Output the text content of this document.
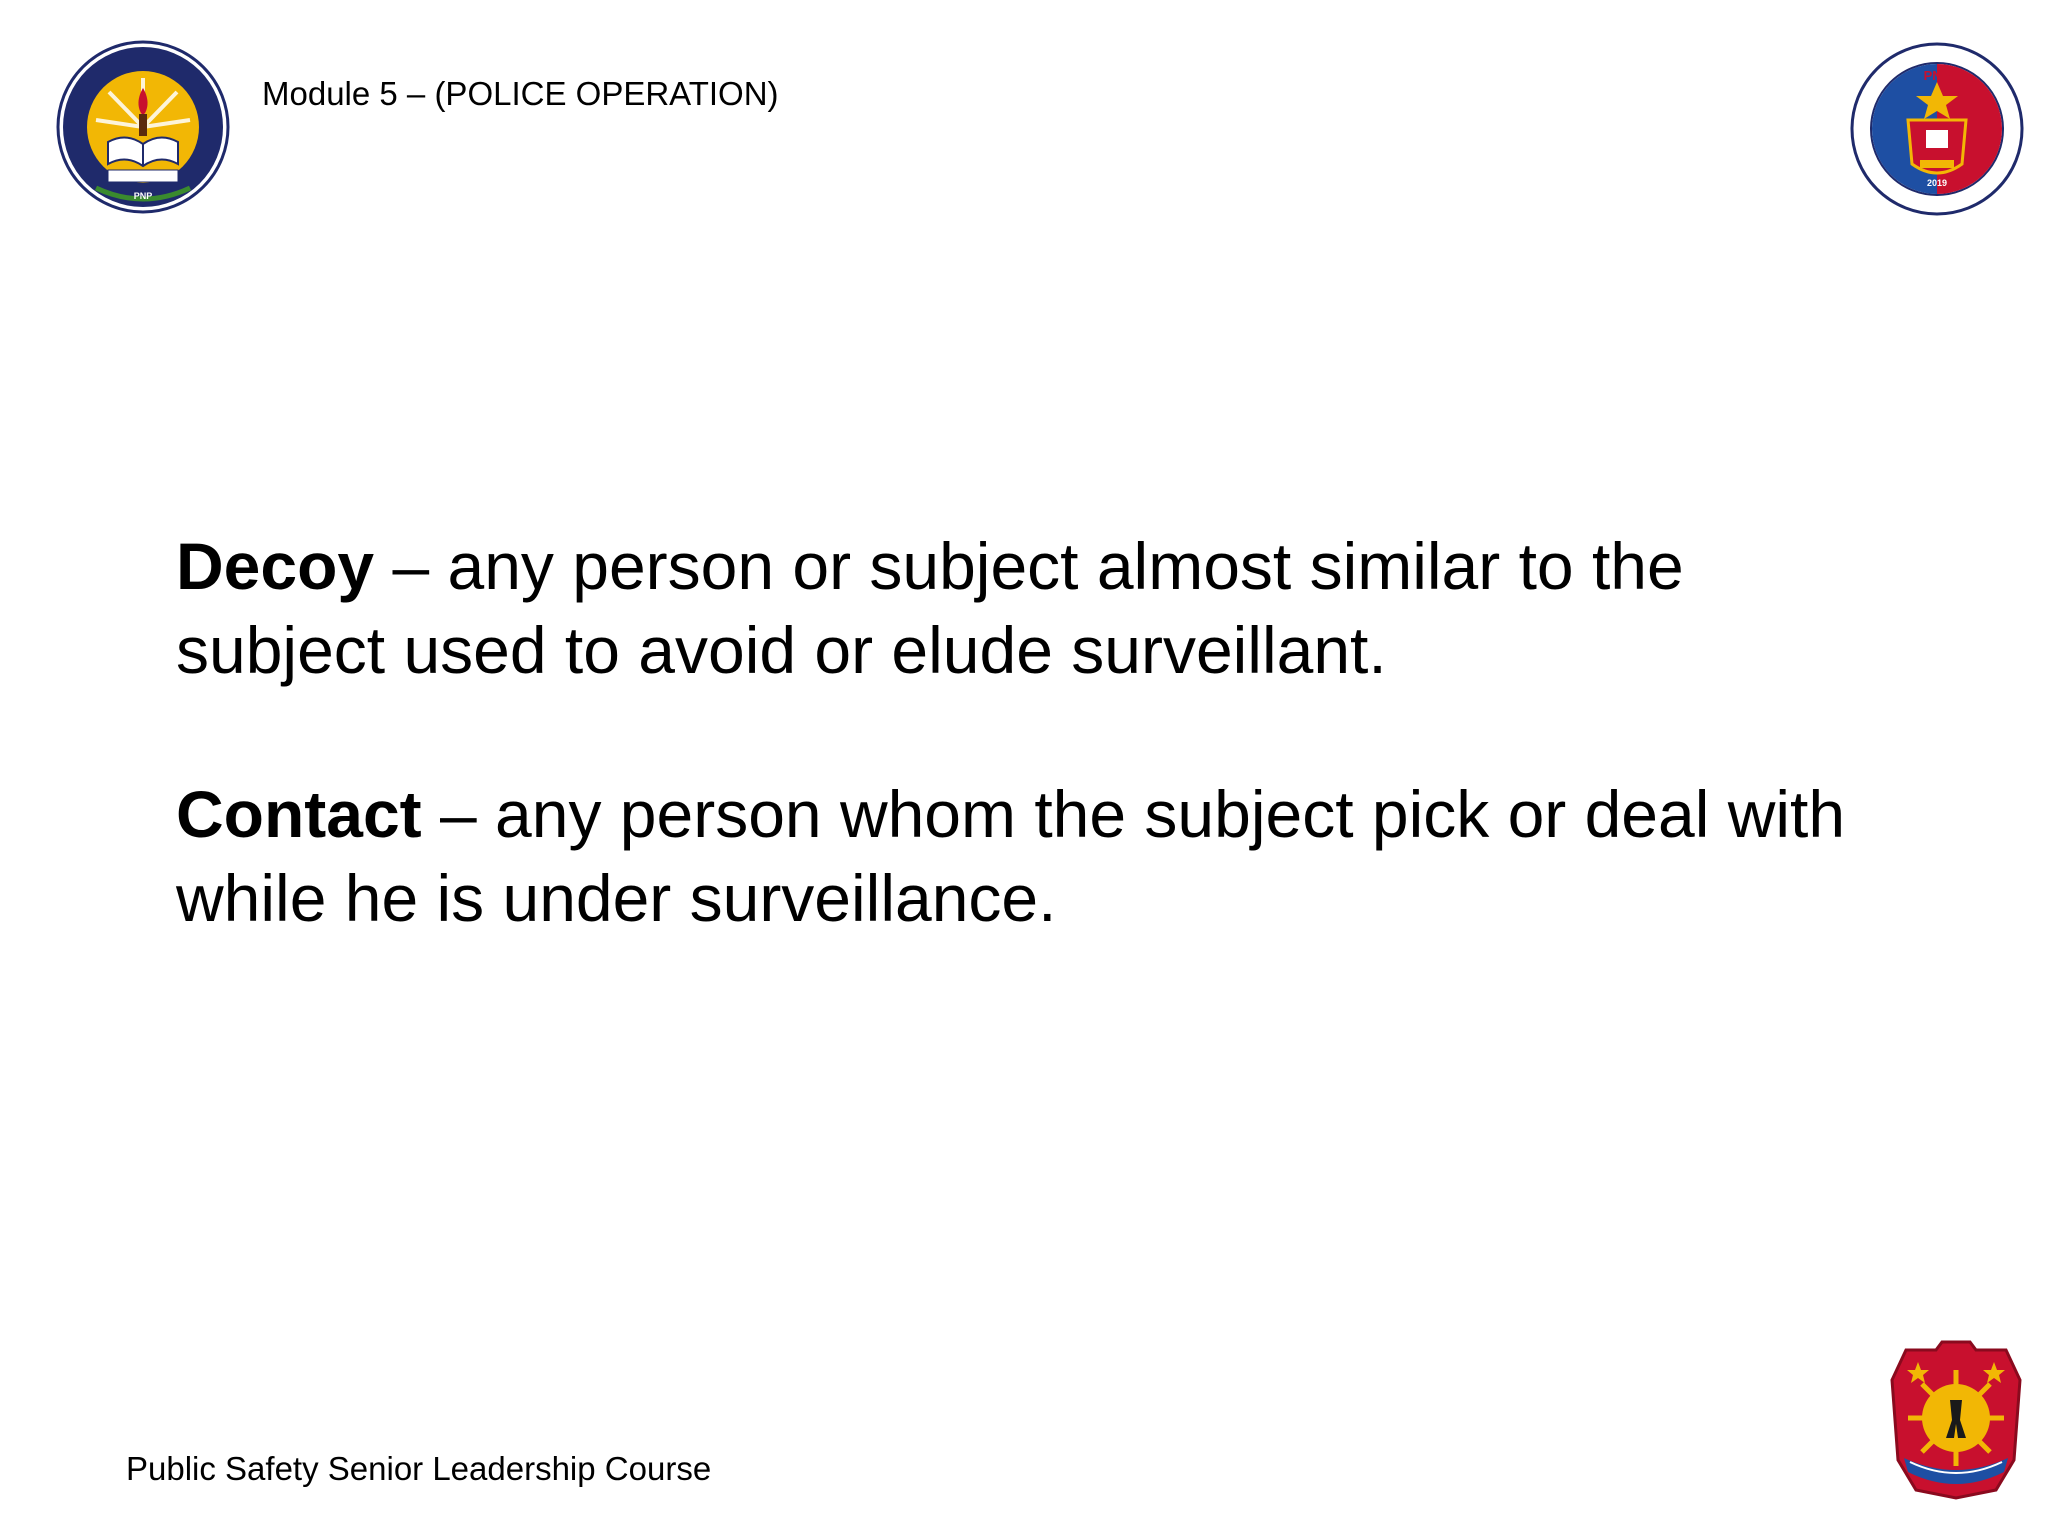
PNP
Module 5 – (POLICE OPERATION)	PNP
2019

Decoy – any person or subject almost similar to the subject used to avoid or elude surveillant.

Contact – any person whom the subject pick or deal with while he is under surveillance.

Public Safety Senior Leadership Course
